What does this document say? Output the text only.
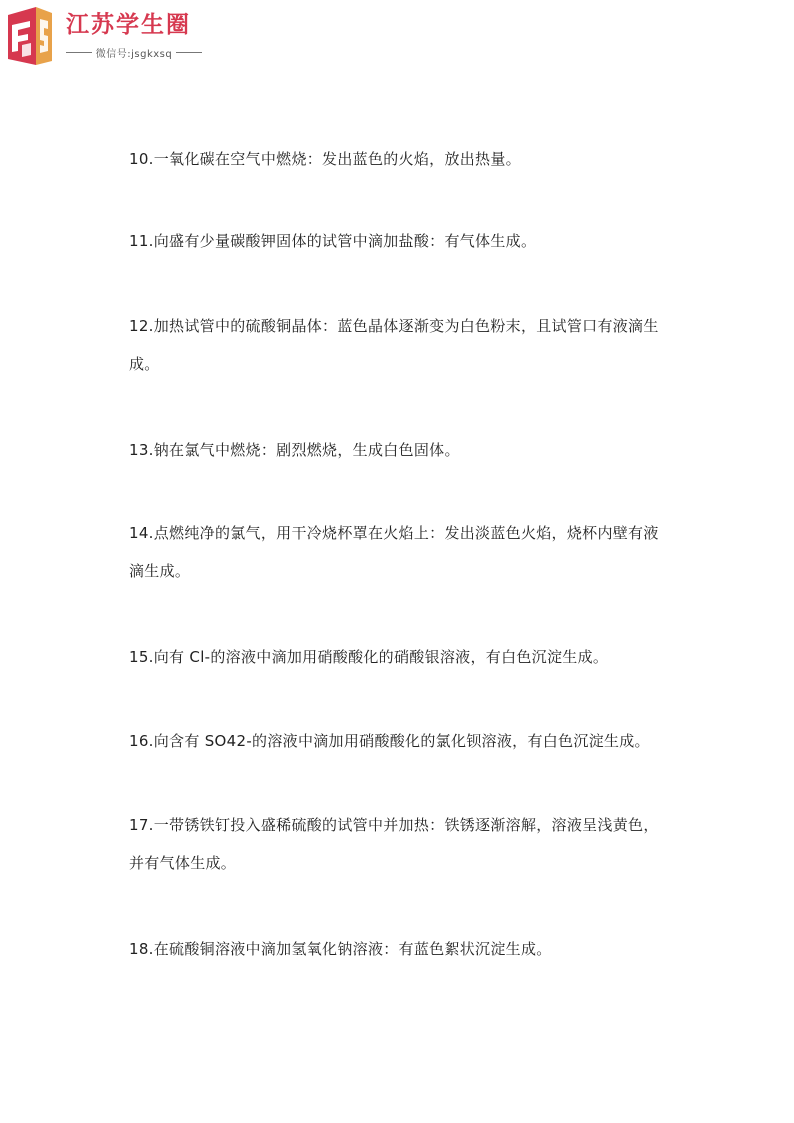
江苏学生圈
微信号:jsgkxsq
10.一氧化碳在空气中燃烧：发出蓝色的火焰，放出热量。
11.向盛有少量碳酸钾固体的试管中滴加盐酸：有气体生成。
12.加热试管中的硫酸铜晶体：蓝色晶体逐渐变为白色粉末，且试管口有液滴生成。
13.钠在氯气中燃烧：剧烈燃烧，生成白色固体。
14.点燃纯净的氯气，用干冷烧杯罩在火焰上：发出淡蓝色火焰，烧杯内壁有液滴生成。
15.向有 Cl-的溶液中滴加用硝酸酸化的硝酸银溶液，有白色沉淀生成。
16.向含有 SO42-的溶液中滴加用硝酸酸化的氯化钡溶液，有白色沉淀生成。
17.一带锈铁钉投入盛稀硫酸的试管中并加热：铁锈逐渐溶解，溶液呈浅黄色，并有气体生成。
18.在硫酸铜溶液中滴加氢氧化钠溶液：有蓝色絮状沉淀生成。
